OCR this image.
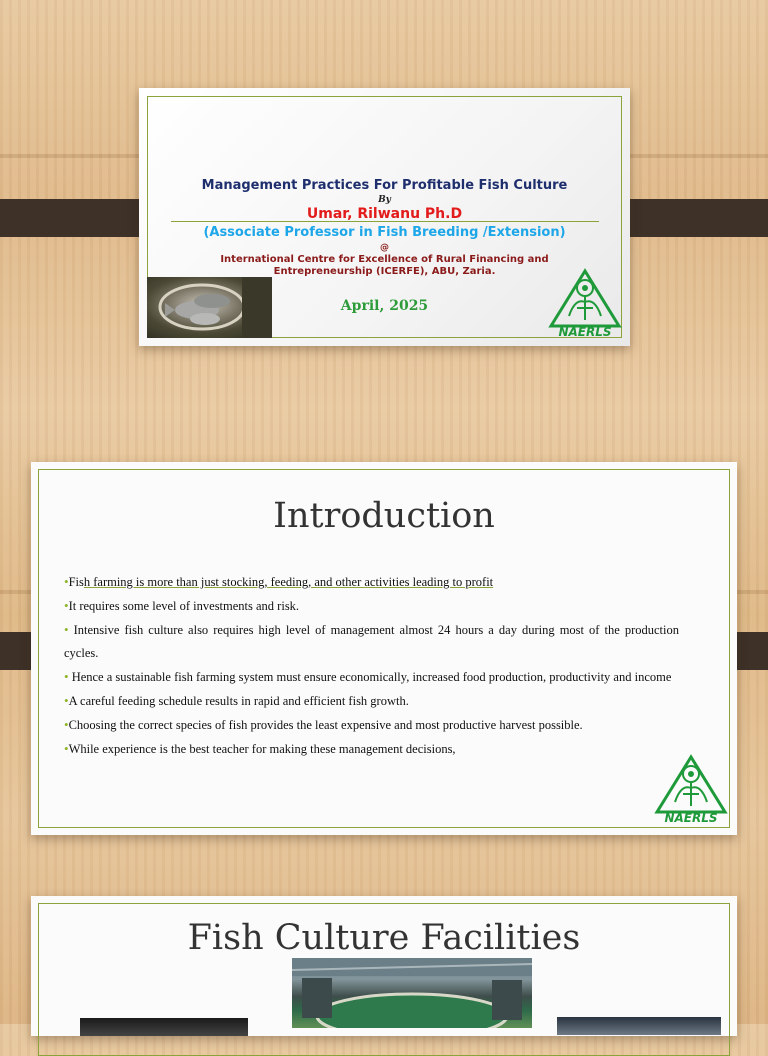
Management Practices For Profitable Fish Culture
By
Umar, Rilwanu Ph.D
(Associate Professor in Fish Breeding /Extension)
@
International Centre for Excellence of Rural Financing and Entrepreneurship (ICERFE), ABU, Zaria.
April, 2025
NAERLS
Introduction
•Fish farming is more than just stocking, feeding, and other activities leading to profit
•It requires some level of investments and risk.
• Intensive fish culture also requires high level of management almost 24 hours a day during most of the production cycles.
• Hence a sustainable fish farming system must ensure economically, increased food production, productivity and income
•A careful feeding schedule results in rapid and efficient fish growth.
•Choosing the correct species of fish provides the least expensive and most productive harvest possible.
•While experience is the best teacher for making these management decisions,
NAERLS
Fish Culture Facilities
